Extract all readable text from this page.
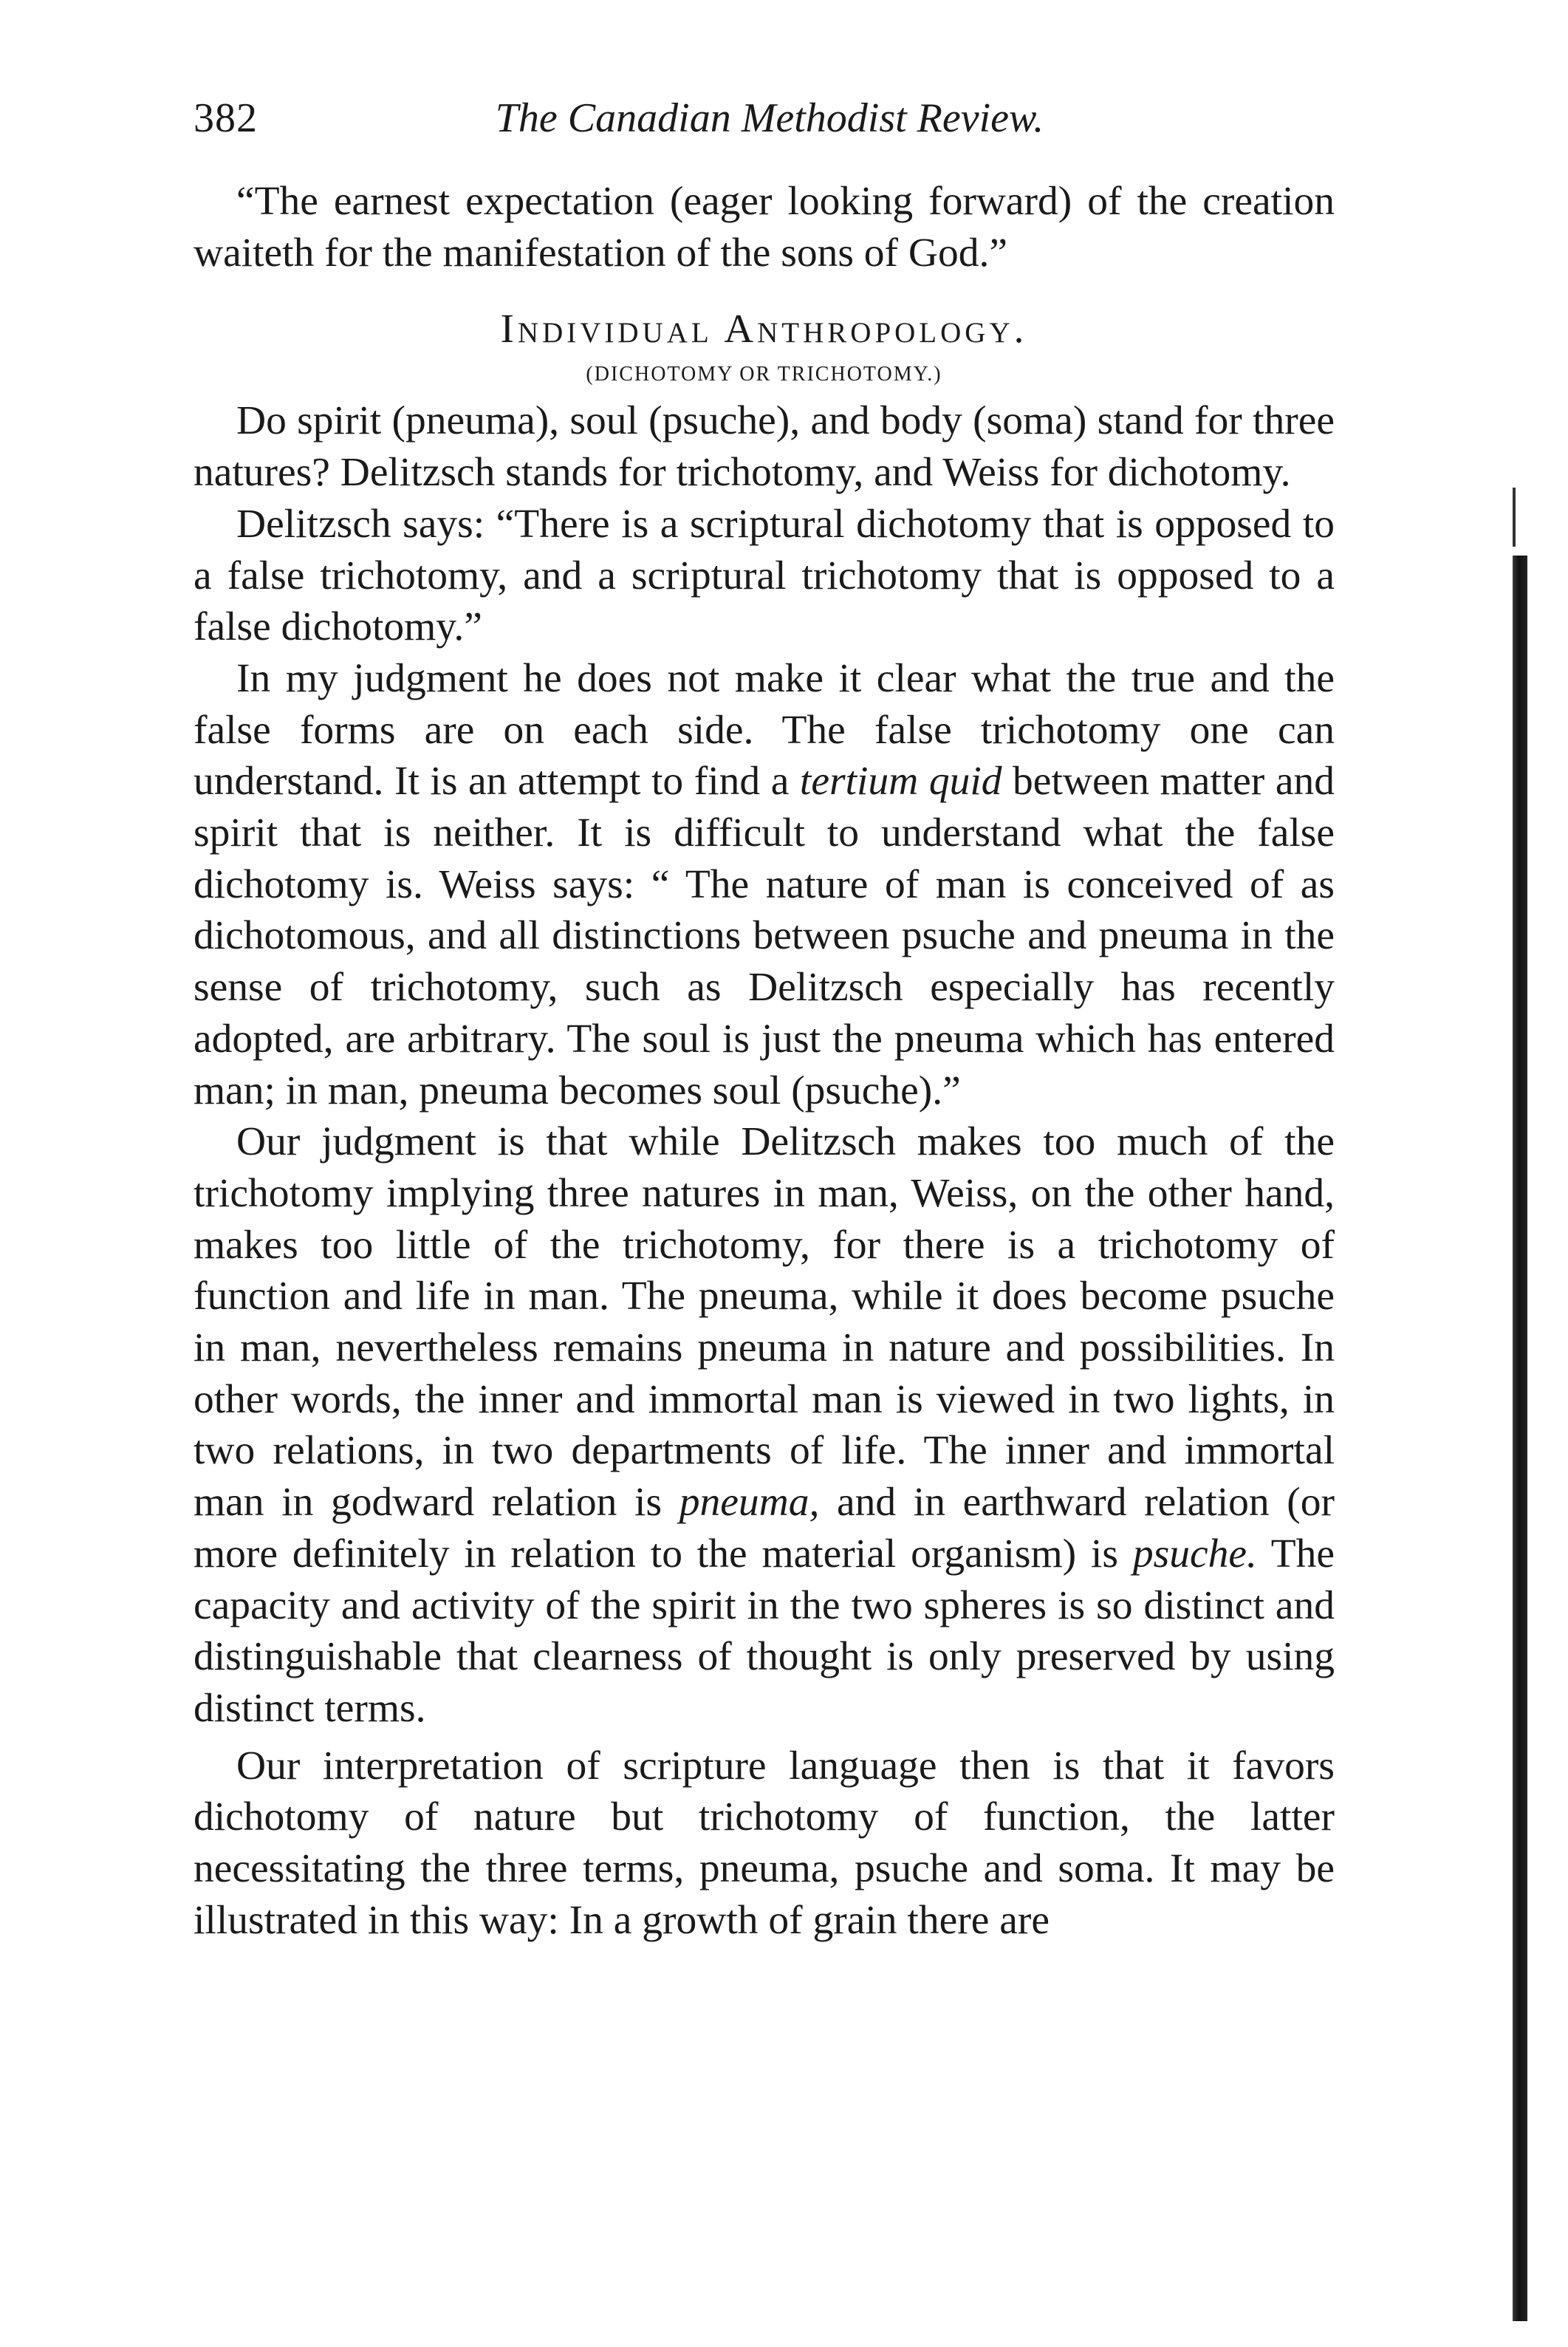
382	The Canadian Methodist Review.

“The earnest expectation (eager looking forward) of the creation waiteth for the manifestation of the sons of God.”

Individual Anthropology.

(DICHOTOMY OR TRICHOTOMY.)

Do spirit (pneuma), soul (psuche), and body (soma) stand for three natures? Delitzsch stands for trichotomy, and Weiss for dichotomy.

Delitzsch says: “There is a scriptural dichotomy that is opposed to a false trichotomy, and a scriptural trichotomy that is opposed to a false dichotomy.”

In my judgment he does not make it clear what the true and the false forms are on each side. The false trichotomy one can understand. It is an attempt to find a tertium quid between matter and spirit that is neither. It is difficult to understand what the false dichotomy is. Weiss says: “ The nature of man is conceived of as dichotomous, and all distinctions between psuche and pneuma in the sense of trichotomy, such as Delitzsch especially has recently adopted, are arbitrary. The soul is just the pneuma which has entered man; in man, pneuma becomes soul (psuche).”

Our judgment is that while Delitzsch makes too much of the trichotomy implying three natures in man, Weiss, on the other hand, makes too little of the trichotomy, for there is a trichotomy of function and life in man. The pneuma, while it does become psuche in man, nevertheless remains pneuma in nature and possibilities. In other words, the inner and immortal man is viewed in two lights, in two relations, in two departments of life. The inner and immortal man in godward relation is pneuma, and in earthward relation (or more definitely in relation to the material organism) is psuche. The capacity and activity of the spirit in the two spheres is so distinct and distinguishable that clearness of thought is only preserved by using distinct terms.

Our interpretation of scripture language then is that it favors dichotomy of nature but trichotomy of function, the latter necessitating the three terms, pneuma, psuche and soma. It may be illustrated in this way: In a growth of grain there are
